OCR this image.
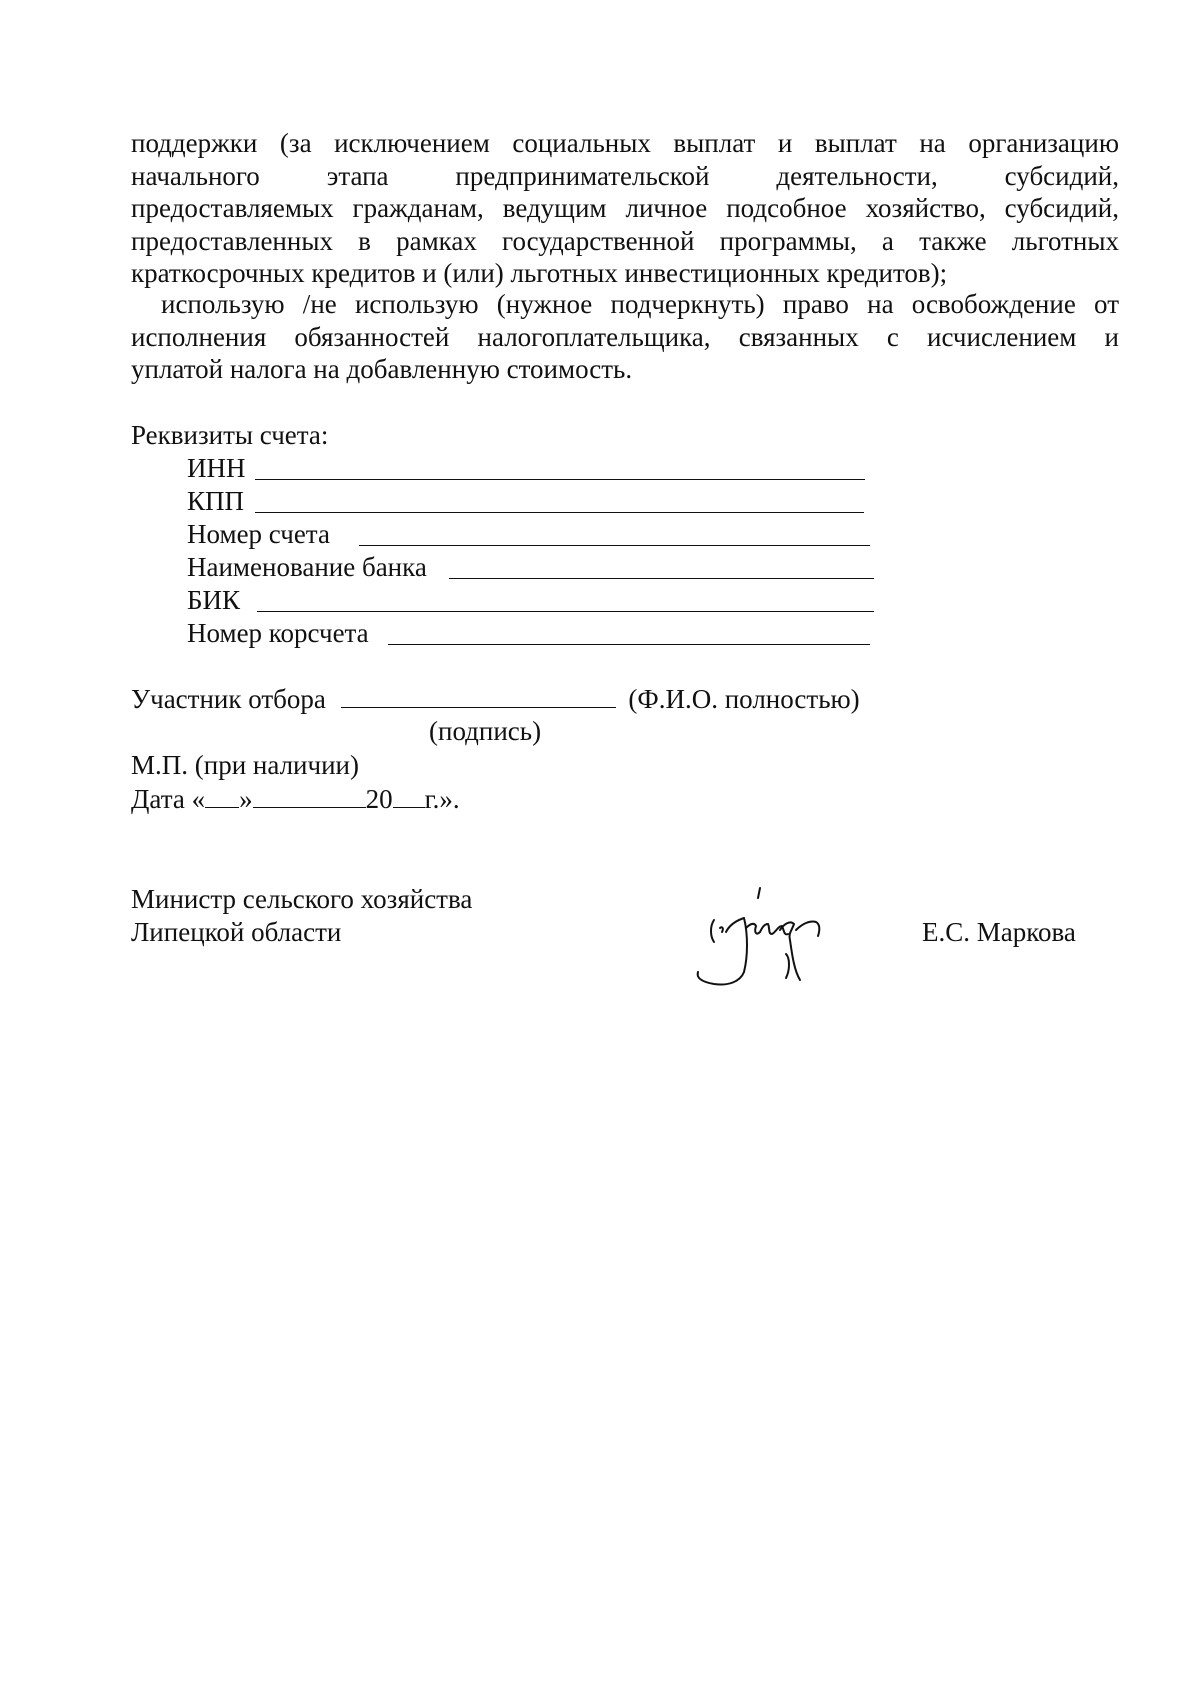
поддержки (за исключением социальных выплат и выплат на организацию
начального этапа предпринимательской деятельности, субсидий,
предоставляемых гражданам, ведущим личное подсобное хозяйство, субсидий,
предоставленных в рамках государственной программы, а также льготных
краткосрочных кредитов и (или) льготных инвестиционных кредитов);
использую /не использую (нужное подчеркнуть) право на освобождение от
исполнения обязанностей налогоплательщика, связанных с исчислением и
уплатой налога на добавленную стоимость.
Реквизиты счета:
ИНН
КПП
Номер счета
Наименование банка
БИК
Номер корсчета
Участник отбора	(Ф.И.О. полностью)
(подпись)
М.П. (при наличии)
Дата « »	20 г.».
Министр сельского хозяйства
Липецкой области	Е.С. Маркова
